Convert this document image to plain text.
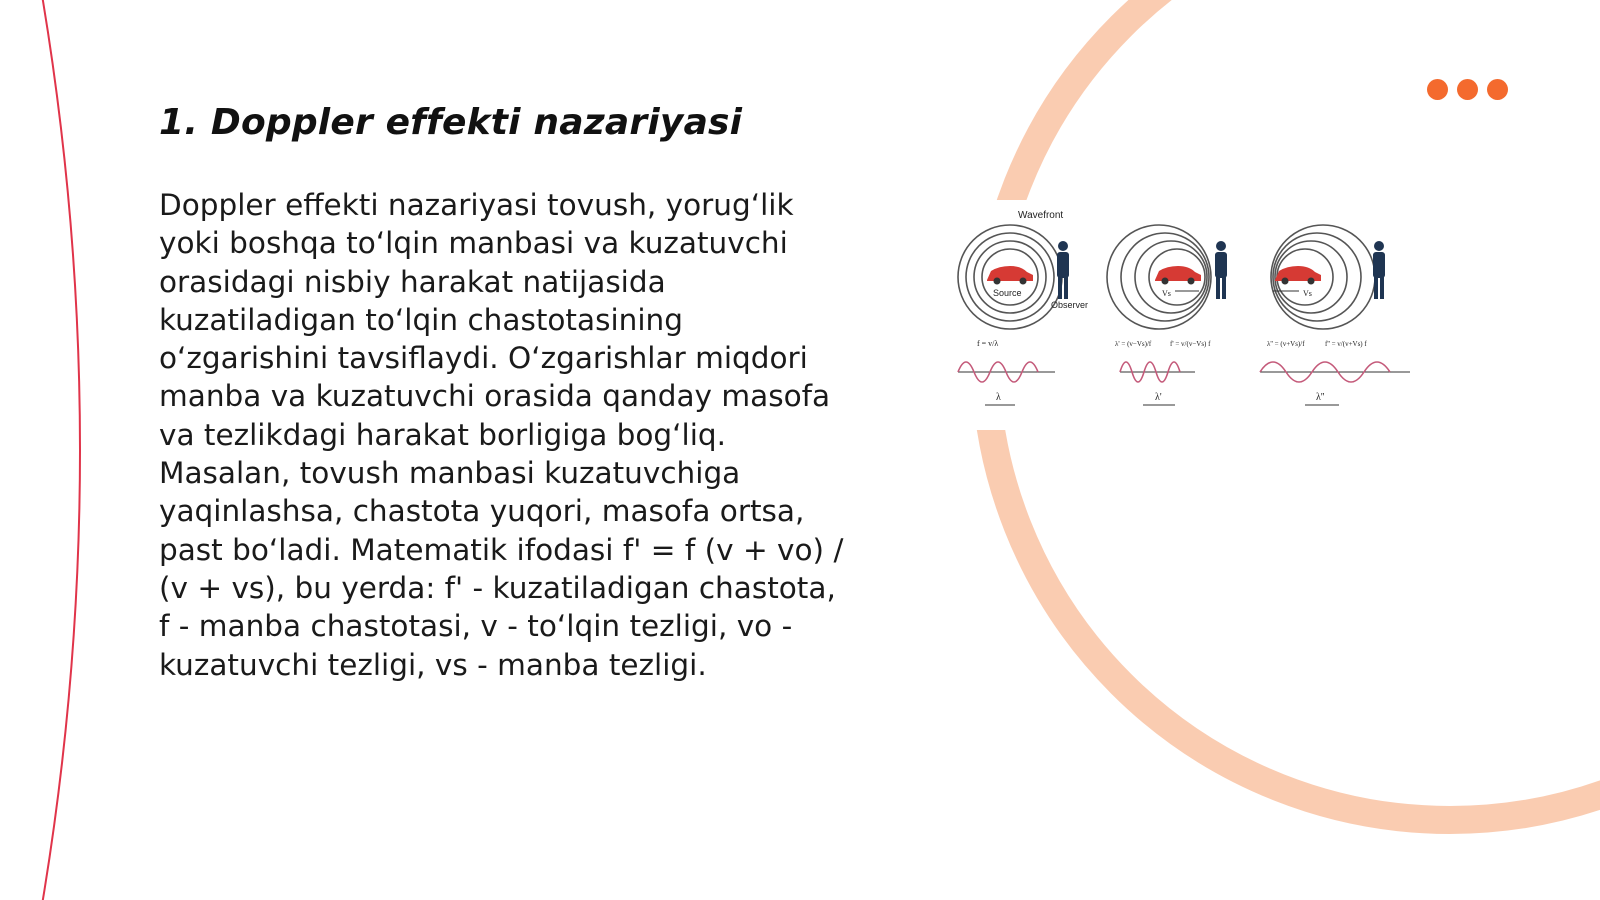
1. Doppler effekti nazariyasi

Doppler effekti nazariyasi tovush, yorug‘lik yoki boshqa to‘lqin manbasi va kuzatuvchi orasidagi nisbiy harakat natijasida kuzatiladigan to‘lqin chastotasining o‘zgarishini tavsiflaydi. O‘zgarishlar miqdori manba va kuzatuvchi orasida qanday masofa va tezlikdagi harakat borligiga bog‘liq. Masalan, tovush manbasi kuzatuvchiga yaqinlashsa, chastota yuqori, masofa ortsa, past bo‘ladi. Matematik ifodasi f' = f (v + vo) / (v + vs), bu yerda: f' - kuzatiladigan chastota, f - manba chastotasi, v - to‘lqin tezligi, vo - kuzatuvchi tezligi, vs - manba tezligi.

Wavefront
Source
Observer
f = v/λ
λ
Vs
λ' = (v−Vs)/f	f' = v/(v−Vs) f
λ'
Vs
λ'' = (v+Vs)/f	f'' = v/(v+Vs) f
λ''
